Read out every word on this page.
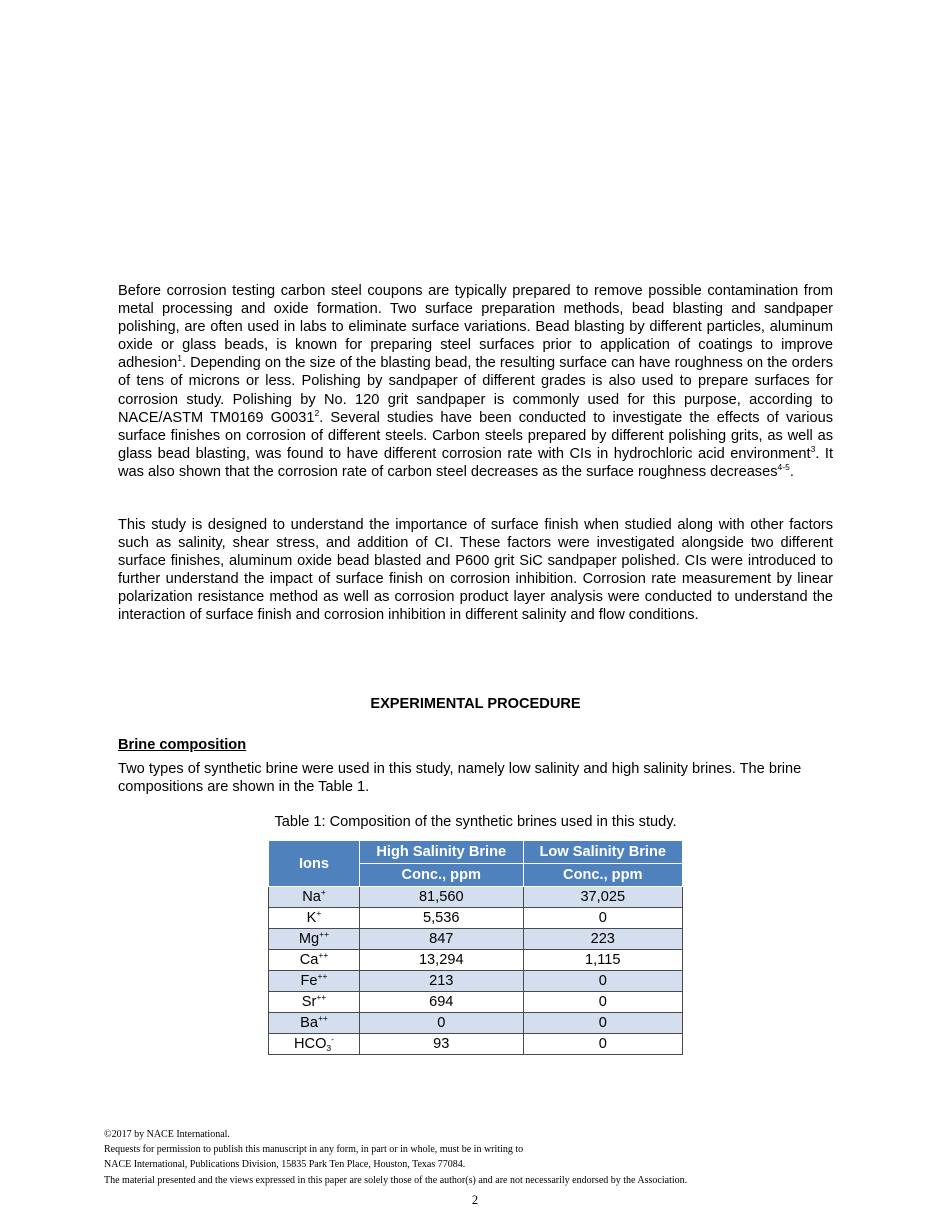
Before corrosion testing carbon steel coupons are typically prepared to remove possible contamination from metal processing and oxide formation. Two surface preparation methods, bead blasting and sandpaper polishing, are often used in labs to eliminate surface variations. Bead blasting by different particles, aluminum oxide or glass beads, is known for preparing steel surfaces prior to application of coatings to improve adhesion$^1$. Depending on the size of the blasting bead, the resulting surface can have roughness on the orders of tens of microns or less. Polishing by sandpaper of different grades is also used to prepare surfaces for corrosion study. Polishing by No. 120 grit sandpaper is commonly used for this purpose, according to NACE/ASTM TM0169 G0031$^2$. Several studies have been conducted to investigate the effects of various surface finishes on corrosion of different steels. Carbon steels prepared by different polishing grits, as well as glass bead blasting, was found to have different corrosion rate with CIs in hydrochloric acid environment$^3$. It was also shown that the corrosion rate of carbon steel decreases as the surface roughness decreases$^{4-5}$.

This study is designed to understand the importance of surface finish when studied along with other factors such as salinity, shear stress, and addition of CI. These factors were investigated alongside two different surface finishes, aluminum oxide bead blasted and P600 grit SiC sandpaper polished. CIs were introduced to further understand the impact of surface finish on corrosion inhibition. Corrosion rate measurement by linear polarization resistance method as well as corrosion product layer analysis were conducted to understand the interaction of surface finish and corrosion inhibition in different salinity and flow conditions.

EXPERIMENTAL PROCEDURE
Brine composition

Two types of synthetic brine were used in this study, namely low salinity and high salinity brines. The brine compositions are shown in the Table 1.

Table 1: Composition of the synthetic brines used in this study.

Ions	High Salinity Brine	Low Salinity Brine
	Conc., ppm	Conc., ppm
Na+	81,560	37,025
K+	5,536	0
Mg++	847	223
Ca++	13,294	1,115
Fe++	213	0
Sr++	694	0
Ba++	0	0
$HCO_3^-$	93	0
©2017 by NACE International.
Requests for permission to publish this manuscript in any form, in part or in whole, must be in writing to
NACE International, Publications Division, 15835 Park Ten Place, Houston, Texas 77084.
The material presented and the views expressed in this paper are solely those of the author(s) and are not necessarily endorsed by the Association.
2
